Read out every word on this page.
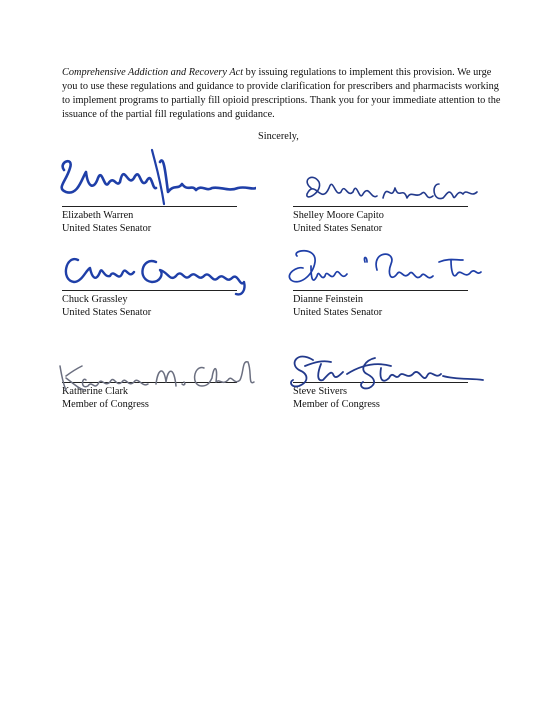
Comprehensive Addiction and Recovery Act by issuing regulations to implement this provision. We urge you to use these regulations and guidance to provide clarification for prescribers and pharmacists working to implement programs to partially fill opioid prescriptions. Thank you for your immediate attention to the issuance of the partial fill regulations and guidance.

Sincerely,
Elizabeth Warren
United States Senator
Shelley Moore Capito
United States Senator
Chuck Grassley
United States Senator
Dianne Feinstein
United States Senator
Katherine Clark
Member of Congress
Steve Stivers
Member of Congress
